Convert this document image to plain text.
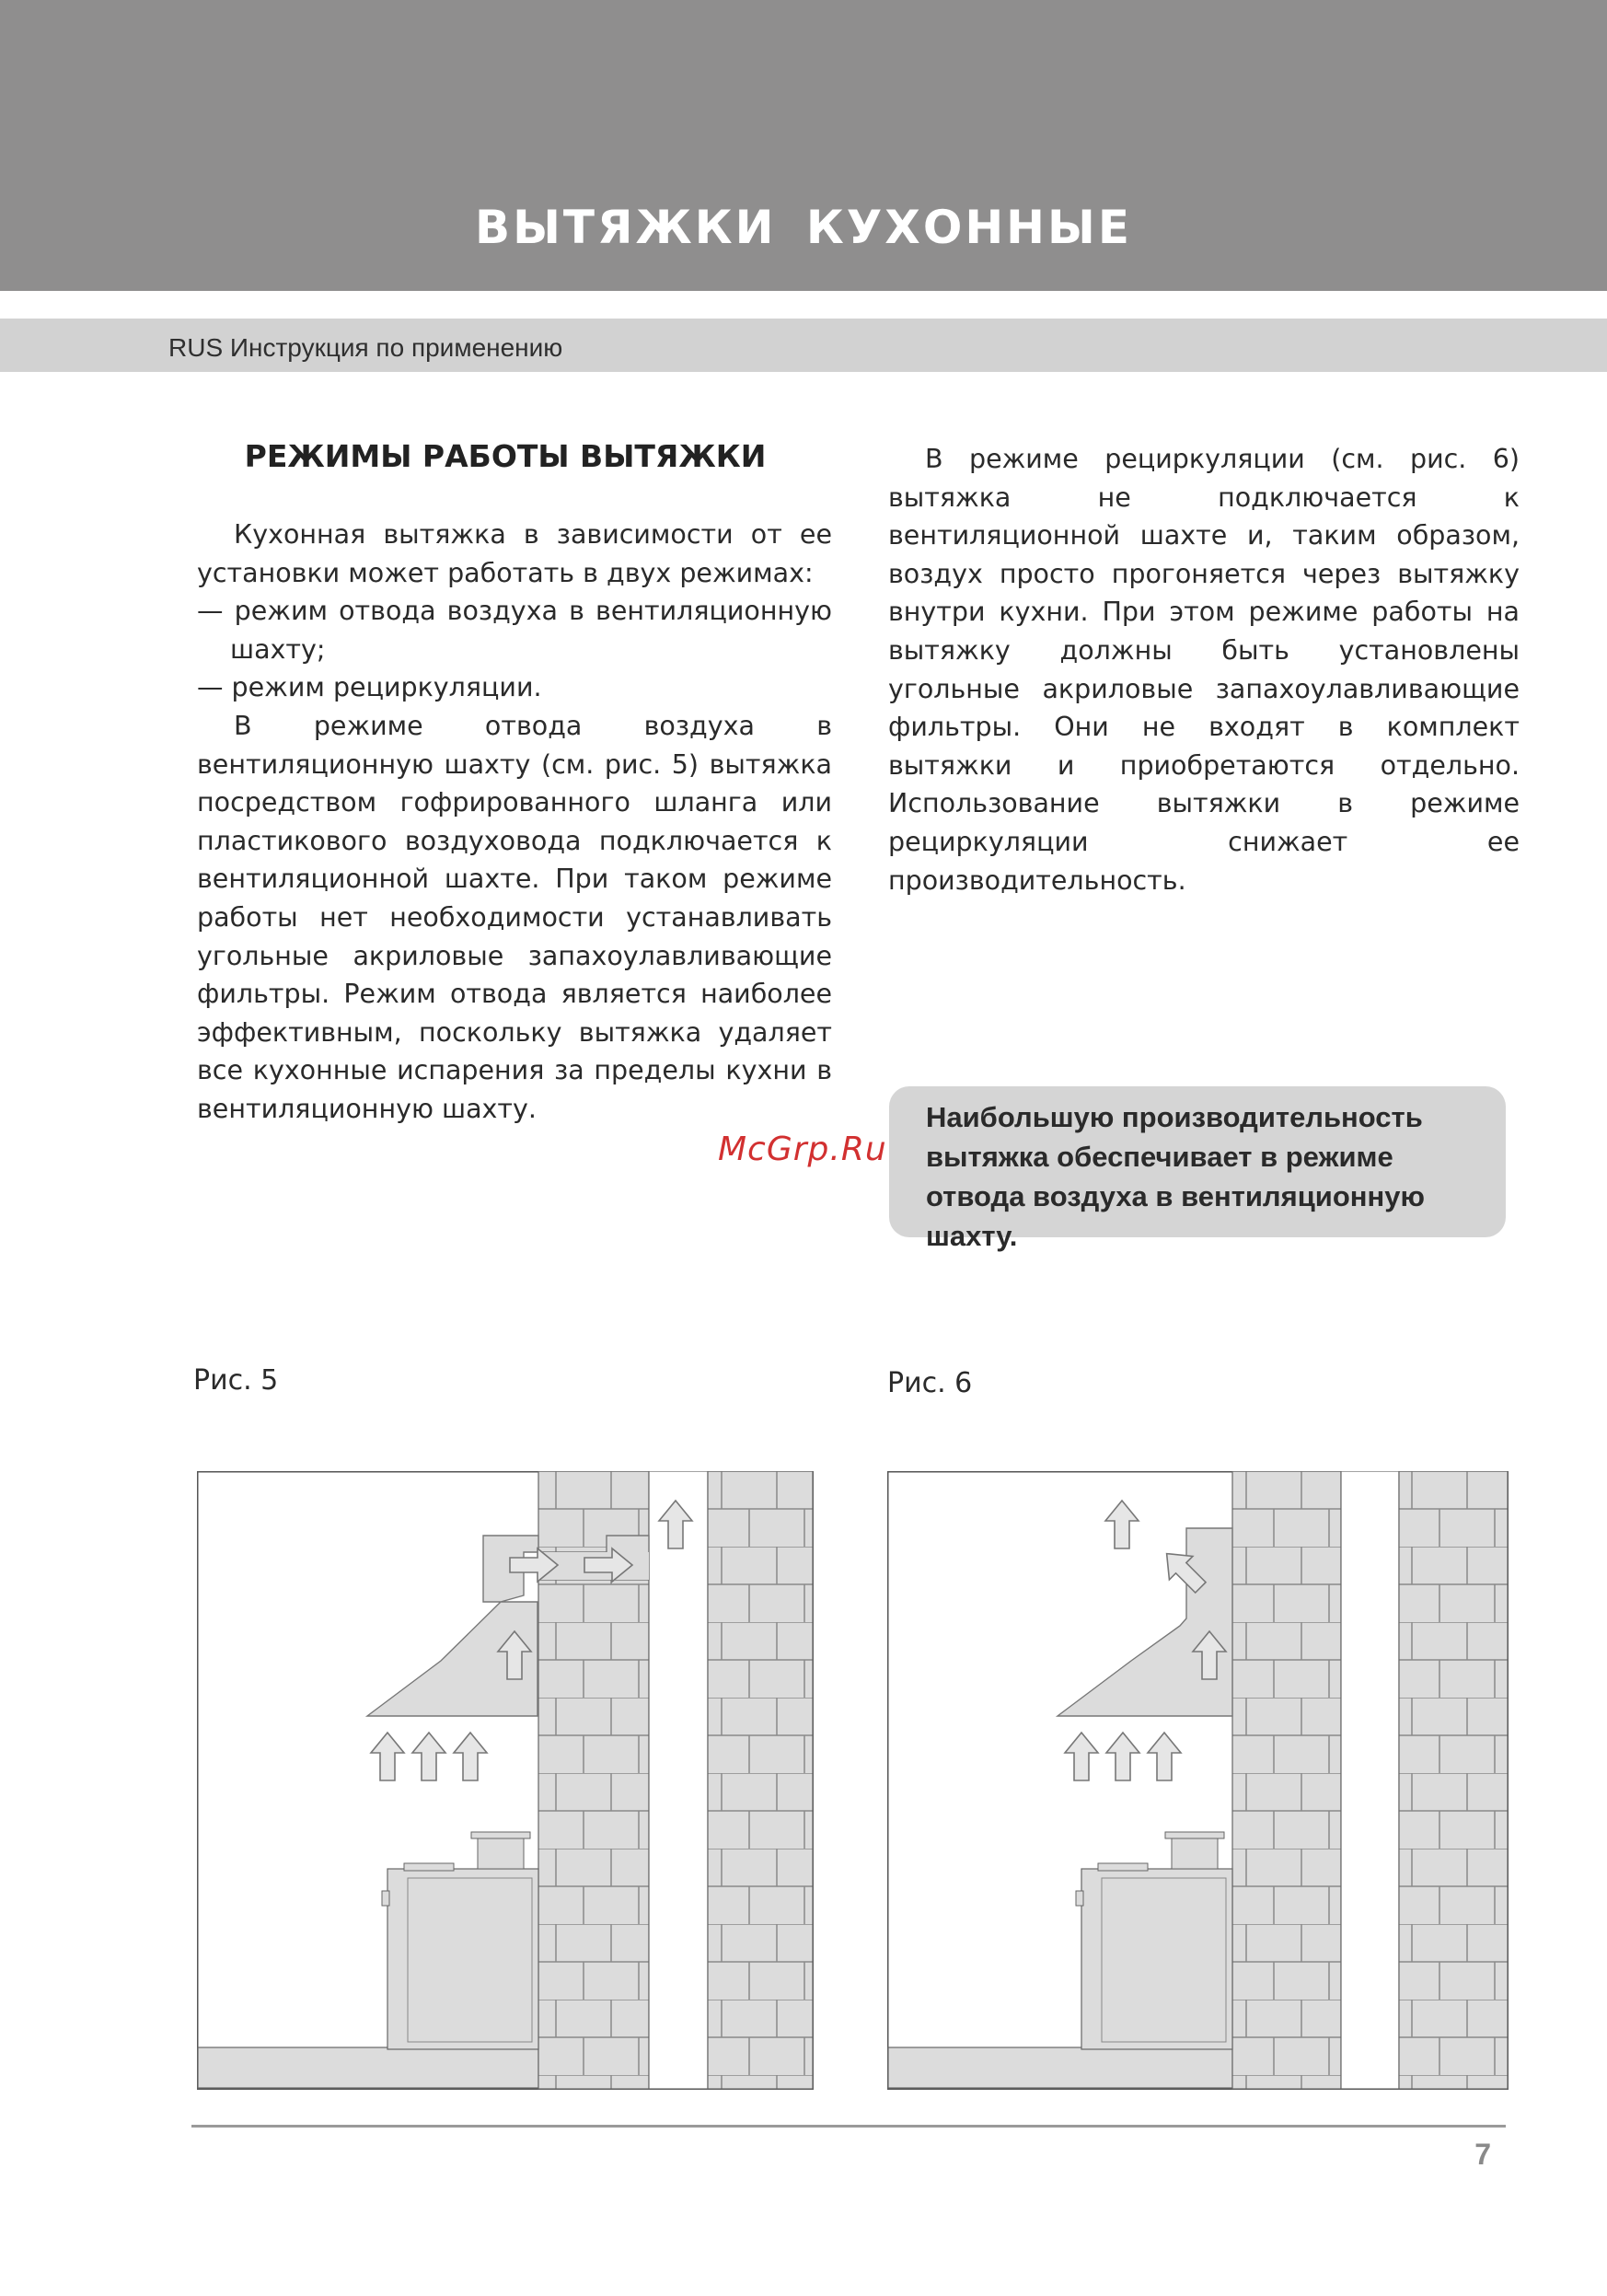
ВЫТЯЖКИ КУХОННЫЕ
RUS Инструкция по применению
РЕЖИМЫ РАБОТЫ ВЫТЯЖКИ

Кухонная вытяжка в зависимости от ее установки может работать в двух режимах:

— режим отвода воздуха в вентиляционную шахту;

— режим рециркуляции.

В режиме отвода воздуха в вентиляционную шахту (см. рис. 5) вытяжка посредством гофрированного шланга или пластикового воздуховода подключается к вентиляционной шахте. При таком режиме работы нет необходимости устанавливать угольные акриловые запахоулавливающие фильтры. Режим отвода является наиболее эффективным, поскольку вытяжка удаляет все кухонные испарения за пределы кухни в вентиляционную шахту.

В режиме рециркуляции (см. рис. 6) вытяжка не подключается к вентиляционной шахте и, таким образом, воздух просто прогоняется через вытяжку внутри кухни. При этом режиме работы на вытяжку должны быть установлены угольные акриловые запахоулавливающие фильтры. Они не входят в комплект вытяжки и приобретаются отдельно. Использование вытяжки в режиме рециркуляции снижает ее производительность.

Наибольшую производительность вытяжка обеспечивает в режиме отвода воздуха в вентиляционную шахту.
McGrp.Ru
Рис. 5	Рис. 6
7
